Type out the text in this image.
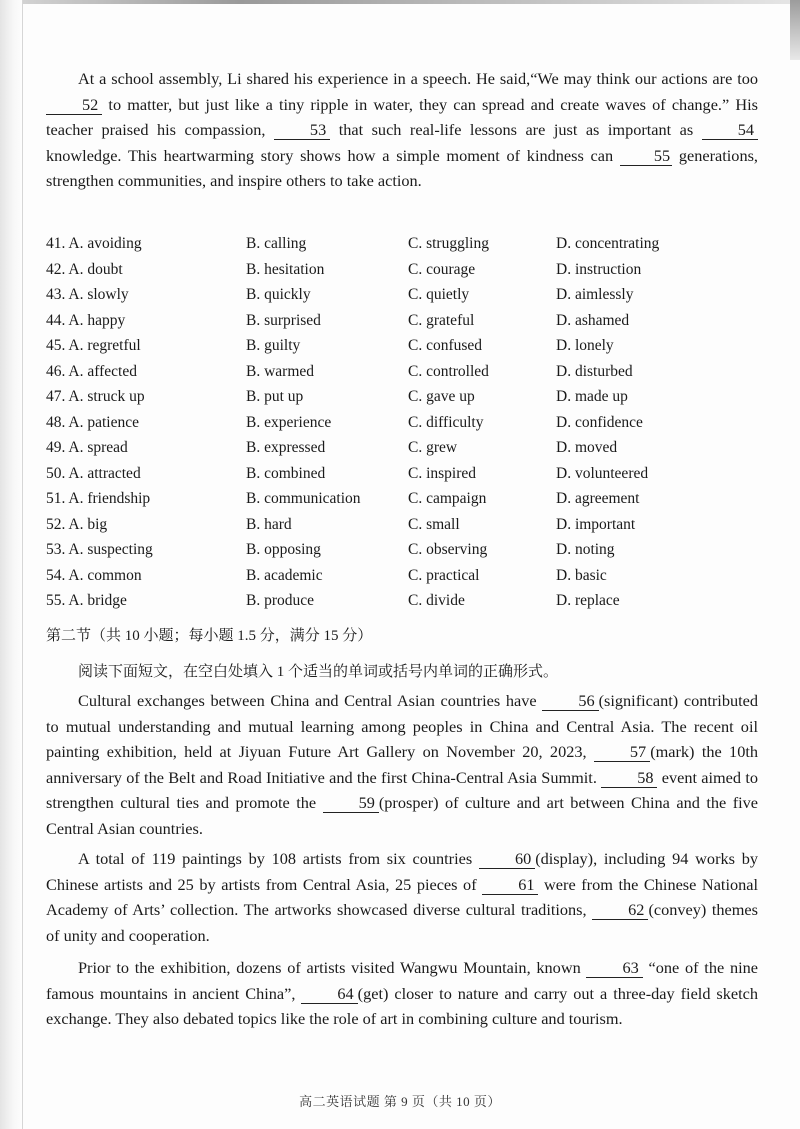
At a school assembly, Li shared his experience in a speech. He said,“We may think our actions are too 52 to matter, but just like a tiny ripple in water, they can spread and create waves of change.” His teacher praised his compassion, 53 that such real-life lessons are just as important as 54 knowledge. This heartwarming story shows how a simple moment of kindness can 55 generations, strengthen communities, and inspire others to take action.

41. A. avoiding	B. calling	C. struggling	D. concentrating
42. A. doubt	B. hesitation	C. courage	D. instruction
43. A. slowly	B. quickly	C. quietly	D. aimlessly
44. A. happy	B. surprised	C. grateful	D. ashamed
45. A. regretful	B. guilty	C. confused	D. lonely
46. A. affected	B. warmed	C. controlled	D. disturbed
47. A. struck up	B. put up	C. gave up	D. made up
48. A. patience	B. experience	C. difficulty	D. confidence
49. A. spread	B. expressed	C. grew	D. moved
50. A. attracted	B. combined	C. inspired	D. volunteered
51. A. friendship	B. communication	C. campaign	D. agreement
52. A. big	B. hard	C. small	D. important
53. A. suspecting	B. opposing	C. observing	D. noting
54. A. common	B. academic	C. practical	D. basic
55. A. bridge	B. produce	C. divide	D. replace
第二节（共 10 小题；每小题 1.5 分，满分 15 分）
阅读下面短文，在空白处填入 1 个适当的单词或括号内单词的正确形式。

Cultural exchanges between China and Central Asian countries have 56 (significant) contributed to mutual understanding and mutual learning among peoples in China and Central Asia. The recent oil painting exhibition, held at Jiyuan Future Art Gallery on November 20, 2023, 57 (mark) the 10th anniversary of the Belt and Road Initiative and the first China-Central Asia Summit. 58 event aimed to strengthen cultural ties and promote the 59 (prosper) of culture and art between China and the five Central Asian countries.

A total of 119 paintings by 108 artists from six countries 60 (display), including 94 works by Chinese artists and 25 by artists from Central Asia, 25 pieces of 61 were from the Chinese National Academy of Arts’ collection. The artworks showcased diverse cultural traditions, 62 (convey) themes of unity and cooperation.

Prior to the exhibition, dozens of artists visited Wangwu Mountain, known 63 “one of the nine famous mountains in ancient China”, 64 (get) closer to nature and carry out a three-day field sketch exchange. They also debated topics like the role of art in combining culture and tourism.

高二英语试题 第 9 页（共 10 页）
